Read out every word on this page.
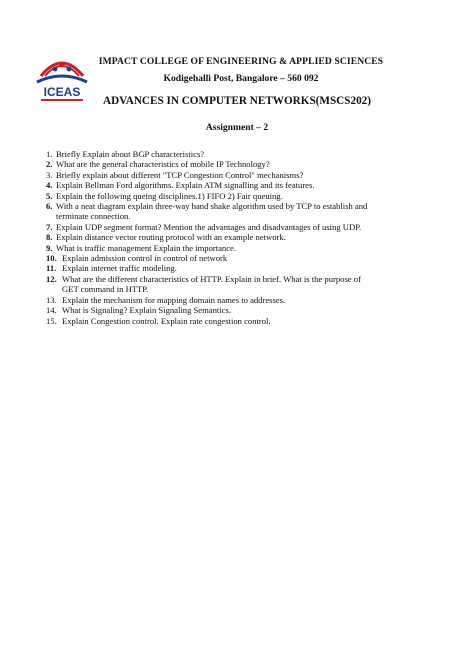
ICEAS
IMPACT COLLEGE OF ENGINEERING & APPLIED SCIENCES
Kodigehalli Post, Bangalore – 560 092
ADVANCES IN COMPUTER NETWORKS(MSCS202)
Assignment – 2
1. Briefly Explain about BGP characteristics?
2. What are the general characteristics of mobile IP Technology?
3. Briefly explain about different "TCP Congestion Control" mechanisms?
4. Explain Bellman Ford algorithms. Explain ATM signalling and its features.
5. Explain the following queing disciplines.1) FIFO 2) Fair queuing.
6. With a neat diagram explain three-way hand shake algorithm used by TCP to establish and
terminate connection.
7. Explain UDP segment format? Mention the advantages and disadvantages of using UDP.
8. Explain distance vector routing protocol with an example network.
9. What is traffic management Explain the importance.
10. Explain admission control in control of network
11. Explain internet traffic modeling.
12. What are the different characteristics of HTTP. Explain in brief. What is the purpose of
GET command in HTTP.
13. Explain the mechanism for mapping domain names to addresses.
14. What is Signaling? Explain Signaling Semantics.
15. Explain Congestion control. Explain rate congestion control.
